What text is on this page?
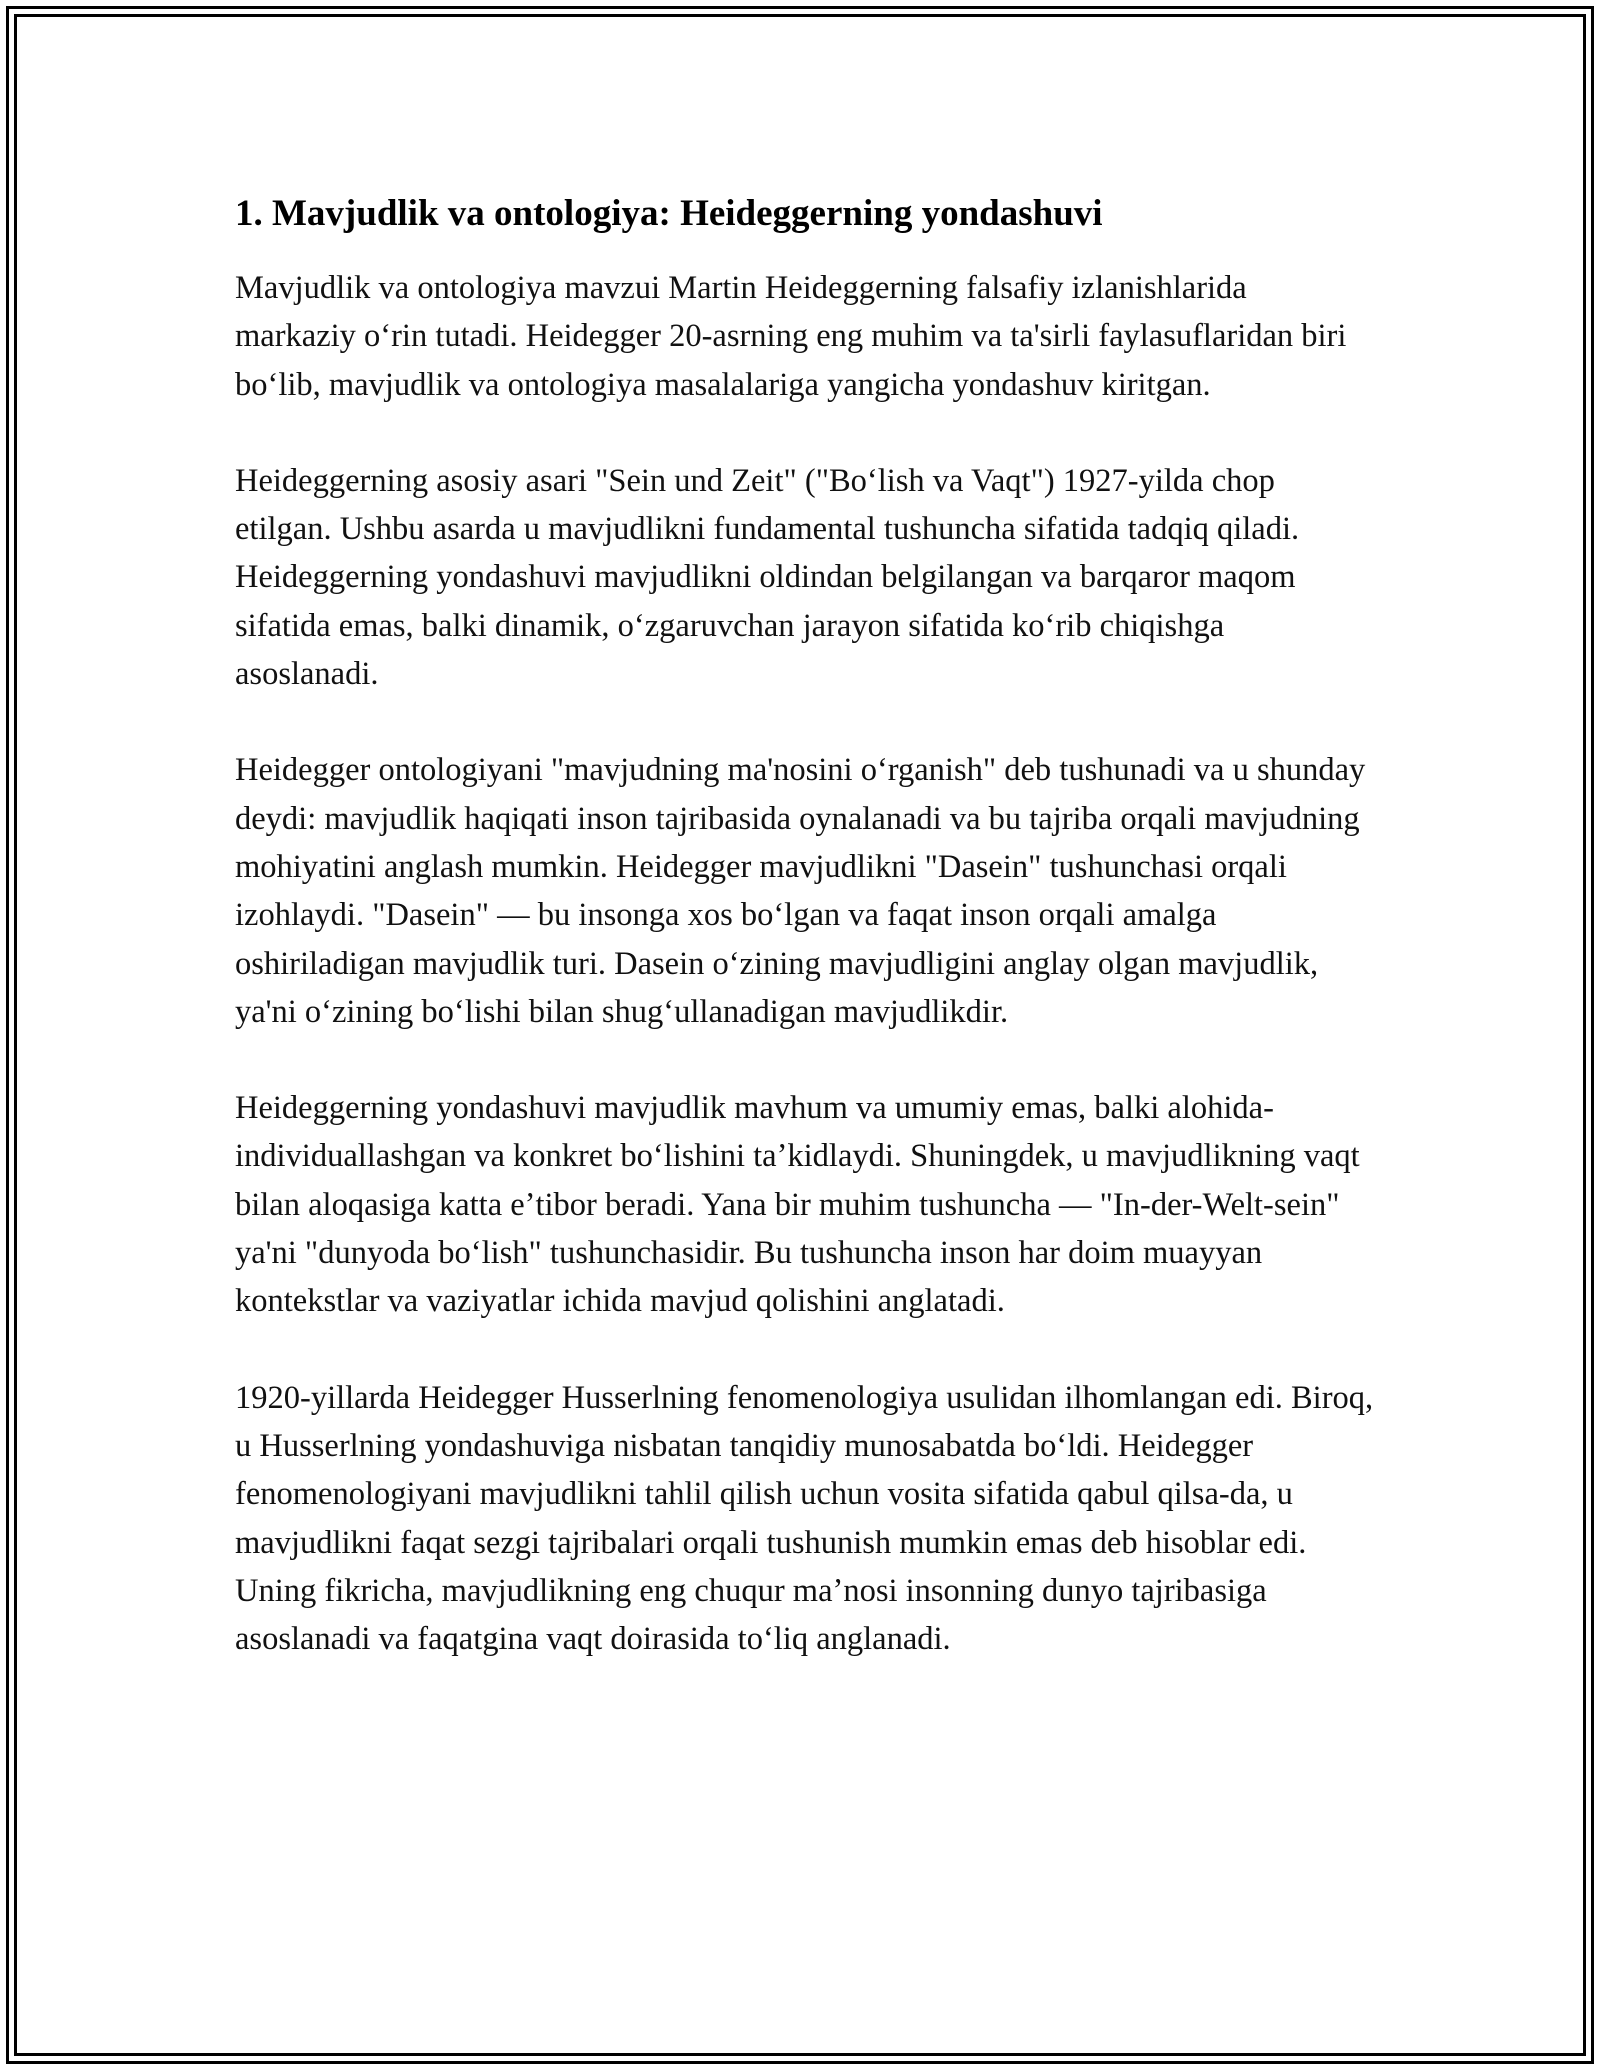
1. Mavjudlik va ontologiya: Heideggerning yondashuvi

Mavjudlik va ontologiya mavzui Martin Heideggerning falsafiy izlanishlarida markaziy oʻrin tutadi. Heidegger 20-asrning eng muhim va ta'sirli faylasuflaridan biri boʻlib, mavjudlik va ontologiya masalalariga yangicha yondashuv kiritgan.

Heideggerning asosiy asari "Sein und Zeit" ("Boʻlish va Vaqt") 1927-yilda chop etilgan. Ushbu asarda u mavjudlikni fundamental tushuncha sifatida tadqiq qiladi. Heideggerning yondashuvi mavjudlikni oldindan belgilangan va barqaror maqom sifatida emas, balki dinamik, oʻzgaruvchan jarayon sifatida koʻrib chiqishga asoslanadi.

Heidegger ontologiyani "mavjudning ma'nosini oʻrganish" deb tushunadi va u shunday deydi: mavjudlik haqiqati inson tajribasida oynalanadi va bu tajriba orqali mavjudning mohiyatini anglash mumkin. Heidegger mavjudlikni "Dasein" tushunchasi orqali izohlaydi. "Dasein" — bu insonga xos boʻlgan va faqat inson orqali amalga oshiriladigan mavjudlik turi. Dasein oʻzining mavjudligini anglay olgan mavjudlik, ya'ni oʻzining boʻlishi bilan shugʻullanadigan mavjudlikdir.

Heideggerning yondashuvi mavjudlik mavhum va umumiy emas, balki alohida-individuallashgan va konkret boʻlishini taʼkidlaydi. Shuningdek, u mavjudlikning vaqt bilan aloqasiga katta eʼtibor beradi. Yana bir muhim tushuncha — "In-der-Welt-sein" ya'ni "dunyoda boʻlish" tushunchasidir. Bu tushuncha inson har doim muayyan kontekstlar va vaziyatlar ichida mavjud qolishini anglatadi.

1920-yillarda Heidegger Husserlning fenomenologiya usulidan ilhomlangan edi. Biroq, u Husserlning yondashuviga nisbatan tanqidiy munosabatda boʻldi. Heidegger fenomenologiyani mavjudlikni tahlil qilish uchun vosita sifatida qabul qilsa-da, u mavjudlikni faqat sezgi tajribalari orqali tushunish mumkin emas deb hisoblar edi. Uning fikricha, mavjudlikning eng chuqur maʼnosi insonning dunyo tajribasiga asoslanadi va faqatgina vaqt doirasida toʻliq anglanadi.
